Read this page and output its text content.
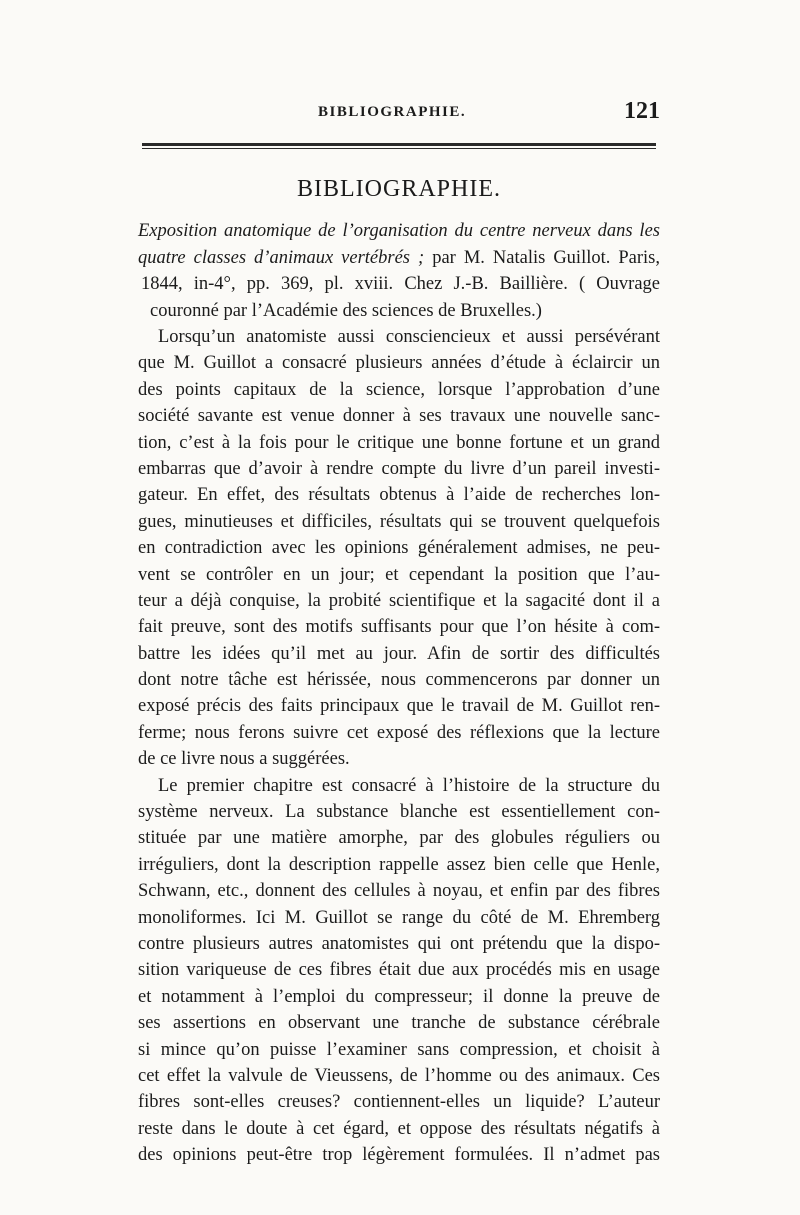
BIBLIOGRAPHIE.	121
BIBLIOGRAPHIE.
Exposition anatomique de l’organisation du centre nerveux dans les
quatre classes d’animaux vertébrés ; par M. Natalis Guillot. Paris,
1844, in-4°, pp. 369, pl. xviii. Chez J.-B. Baillière. ( Ouvrage
couronné par l’Académie des sciences de Bruxelles.)
Lorsqu’un anatomiste aussi consciencieux et aussi persévérant
que M. Guillot a consacré plusieurs années d’étude à éclaircir un
des points capitaux de la science, lorsque l’approbation d’une
société savante est venue donner à ses travaux une nouvelle sanc-
tion, c’est à la fois pour le critique une bonne fortune et un grand
embarras que d’avoir à rendre compte du livre d’un pareil investi-
gateur. En effet, des résultats obtenus à l’aide de recherches lon-
gues, minutieuses et difficiles, résultats qui se trouvent quelquefois
en contradiction avec les opinions généralement admises, ne peu-
vent se contrôler en un jour; et cependant la position que l’au-
teur a déjà conquise, la probité scientifique et la sagacité dont il a
fait preuve, sont des motifs suffisants pour que l’on hésite à com-
battre les idées qu’il met au jour. Afin de sortir des difficultés
dont notre tâche est hérissée, nous commencerons par donner un
exposé précis des faits principaux que le travail de M. Guillot ren-
ferme; nous ferons suivre cet exposé des réflexions que la lecture
de ce livre nous a suggérées.
Le premier chapitre est consacré à l’histoire de la structure du
système nerveux. La substance blanche est essentiellement con-
stituée par une matière amorphe, par des globules réguliers ou
irréguliers, dont la description rappelle assez bien celle que Henle,
Schwann, etc., donnent des cellules à noyau, et enfin par des fibres
monoliformes. Ici M. Guillot se range du côté de M. Ehremberg
contre plusieurs autres anatomistes qui ont prétendu que la dispo-
sition variqueuse de ces fibres était due aux procédés mis en usage
et notamment à l’emploi du compresseur; il donne la preuve de
ses assertions en observant une tranche de substance cérébrale
si mince qu’on puisse l’examiner sans compression, et choisit à
cet effet la valvule de Vieussens, de l’homme ou des animaux. Ces
fibres sont-elles creuses? contiennent-elles un liquide? L’auteur
reste dans le doute à cet égard, et oppose des résultats négatifs à
des opinions peut-être trop légèrement formulées. Il n’admet pas
